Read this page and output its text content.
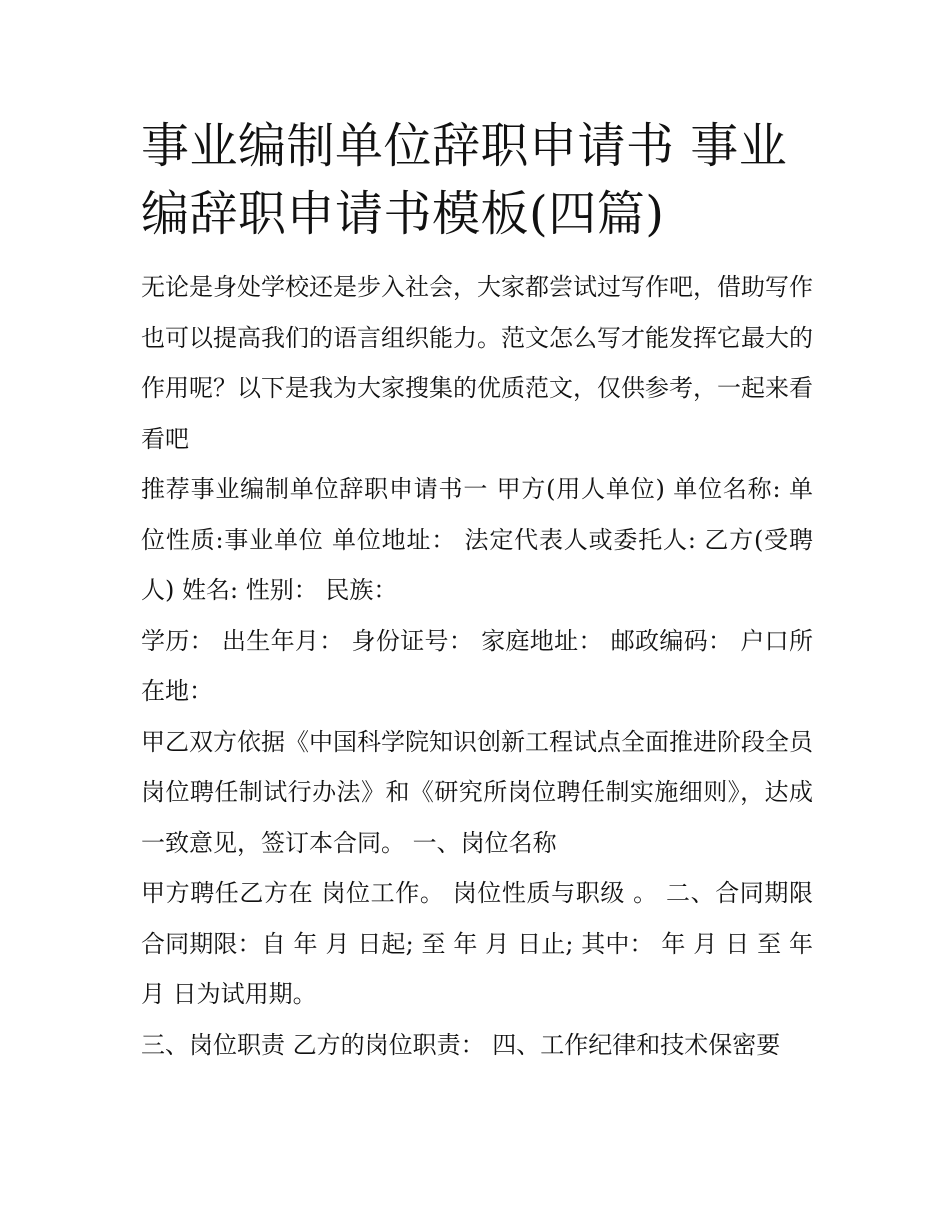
事业编制单位辞职申请书 事业编辞职申请书模板(四篇)

无论是身处学校还是步入社会，大家都尝试过写作吧，借助写作也可以提高我们的语言组织能力。范文怎么写才能发挥它最大的作用呢？以下是我为大家搜集的优质范文，仅供参考，一起来看看吧

推荐事业编制单位辞职申请书一 甲方(用人单位) 单位名称: 单位性质:事业单位 单位地址： 法定代表人或委托人: 乙方(受聘人) 姓名: 性别： 民族：

学历： 出生年月： 身份证号： 家庭地址： 邮政编码： 户口所在地：

甲乙双方依据《中国科学院知识创新工程试点全面推进阶段全员岗位聘任制试行办法》和《研究所岗位聘任制实施细则》，达成一致意见，签订本合同。 一、岗位名称

甲方聘任乙方在 岗位工作。 岗位性质与职级 。 二、合同期限 合同期限：自 年 月 日起; 至 年 月 日止; 其中： 年 月 日 至 年 月 日为试用期。

三、岗位职责 乙方的岗位职责： 四、工作纪律和技术保密要
